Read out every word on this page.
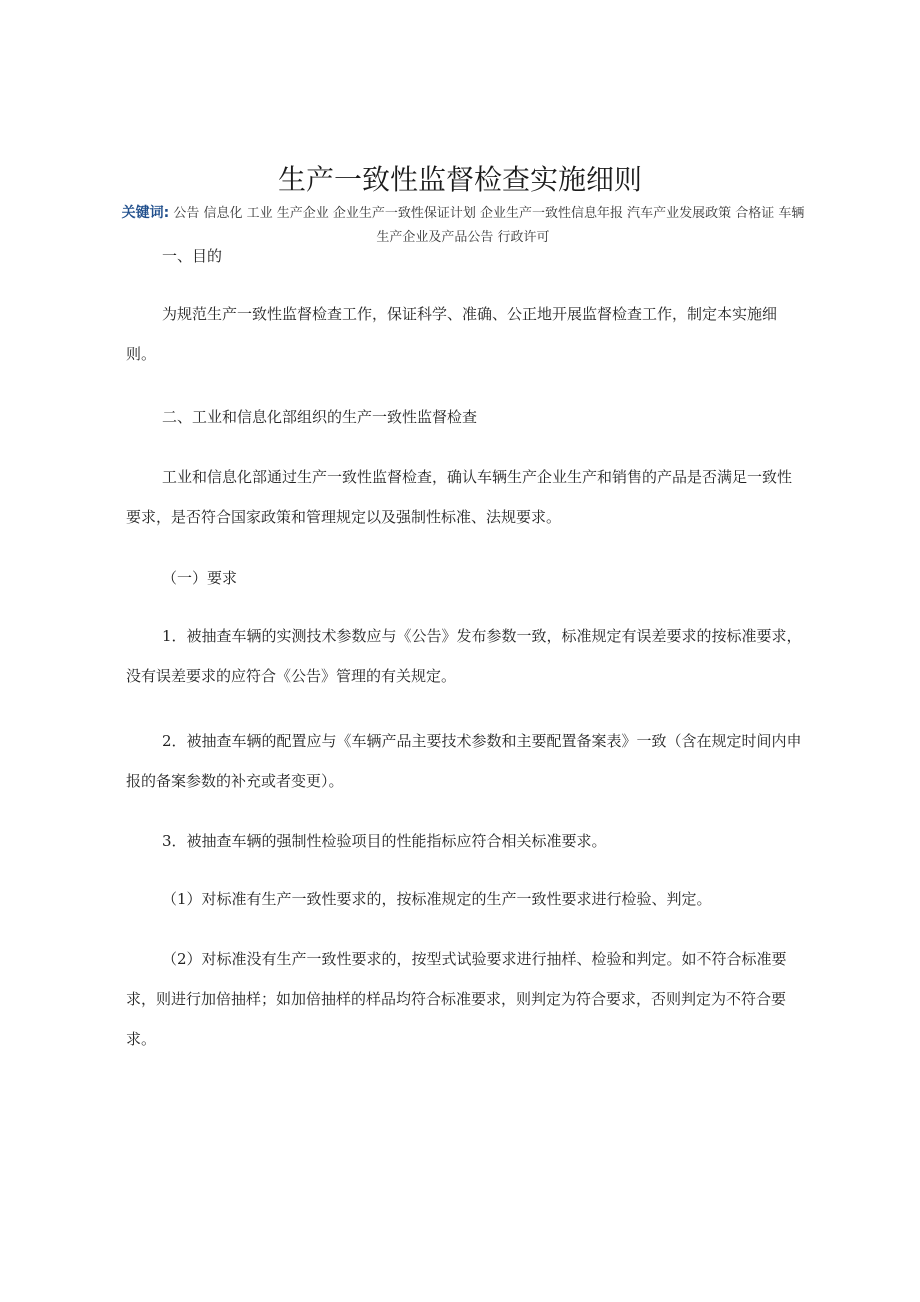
生产一致性监督检查实施细则
关键词: 公告 信息化 工业 生产企业 企业生产一致性保证计划 企业生产一致性信息年报 汽车产业发展政策 合格证 车辆生产企业及产品公告 行政许可
一、目的
为规范生产一致性监督检查工作，保证科学、准确、公正地开展监督检查工作，制定本实施细则。
二、工业和信息化部组织的生产一致性监督检查
工业和信息化部通过生产一致性监督检查，确认车辆生产企业生产和销售的产品是否满足一致性要求，是否符合国家政策和管理规定以及强制性标准、法规要求。
（一）要求
1．被抽查车辆的实测技术参数应与《公告》发布参数一致，标准规定有误差要求的按标准要求，没有误差要求的应符合《公告》管理的有关规定。
2．被抽查车辆的配置应与《车辆产品主要技术参数和主要配置备案表》一致（含在规定时间内申报的备案参数的补充或者变更）。
3．被抽查车辆的强制性检验项目的性能指标应符合相关标准要求。
（1）对标准有生产一致性要求的，按标准规定的生产一致性要求进行检验、判定。
（2）对标准没有生产一致性要求的，按型式试验要求进行抽样、检验和判定。如不符合标准要求，则进行加倍抽样；如加倍抽样的样品均符合标准要求，则判定为符合要求，否则判定为不符合要求。
